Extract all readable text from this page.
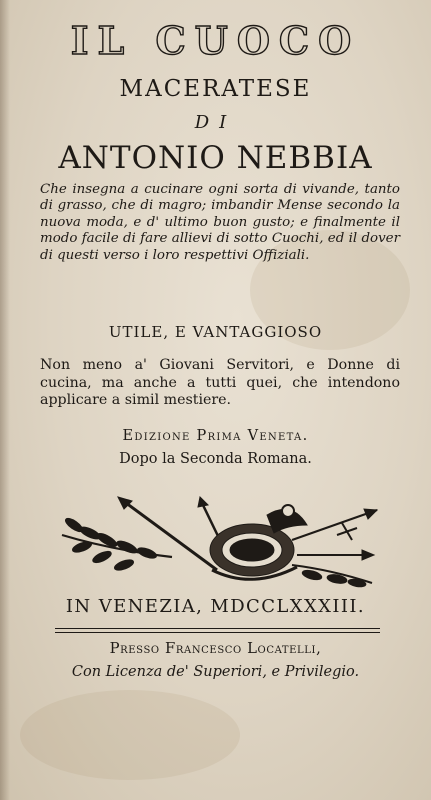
IL CUOCO
MACERATESE
DI
ANTONIO NEBBIA
Che insegna a cucinare ogni sorta di vivande, tanto di grasso, che di magro; imbandir Mense secondo la nuova moda, e d' ultimo buon gusto; e finalmente il modo facile di fare allievi di sotto Cuochi, ed il dover di questi verso i loro respettivi Offiziali.
UTILE, E VANTAGGIOSO
Non meno a' Giovani Servitori, e Donne di cucina, ma anche a tutti quei, che intendono applicare a simil mestiere.
Edizione Prima Veneta.
Dopo la Seconda Romana.
IN VENEZIA, MDCCLXXXIII.
Presso Francesco Locatelli,
Con Licenza de' Superiori, e Privilegio.
